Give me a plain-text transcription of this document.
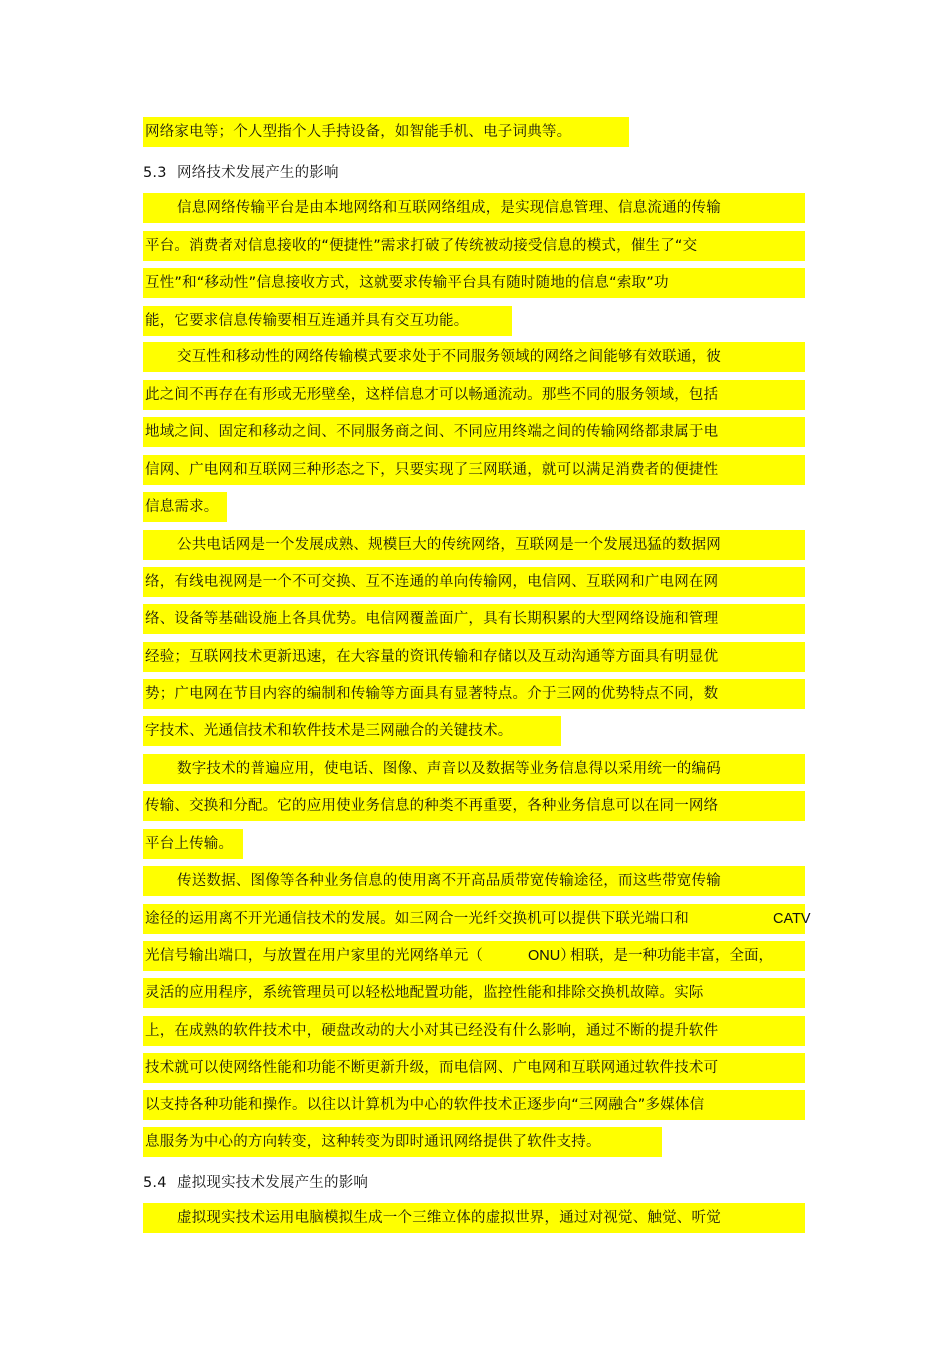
网络家电等；个人型指个人手持设备，如智能手机、电子词典等。
5.3 网络技术发展产生的影响
信息网络传输平台是由本地网络和互联网络组成，是实现信息管理、信息流通的传输
平台。消费者对信息接收的“便捷性”需求打破了传统被动接受信息的模式，催生了“交
互性”和“移动性”信息接收方式，这就要求传输平台具有随时随地的信息“索取”功
能，它要求信息传输要相互连通并具有交互功能。
交互性和移动性的网络传输模式要求处于不同服务领域的网络之间能够有效联通，彼
此之间不再存在有形或无形壁垒，这样信息才可以畅通流动。那些不同的服务领域，包括
地域之间、固定和移动之间、不同服务商之间、不同应用终端之间的传输网络都隶属于电
信网、广电网和互联网三种形态之下，只要实现了三网联通，就可以满足消费者的便捷性
信息需求。
公共电话网是一个发展成熟、规模巨大的传统网络，互联网是一个发展迅猛的数据网
络，有线电视网是一个不可交换、互不连通的单向传输网，电信网、互联网和广电网在网
络、设备等基础设施上各具优势。电信网覆盖面广，具有长期积累的大型网络设施和管理
经验；互联网技术更新迅速，在大容量的资讯传输和存储以及互动沟通等方面具有明显优
势；广电网在节目内容的编制和传输等方面具有显著特点。介于三网的优势特点不同，数
字技术、光通信技术和软件技术是三网融合的关键技术。
数字技术的普遍应用，使电话、图像、声音以及数据等业务信息得以采用统一的编码
传输、交换和分配。它的应用使业务信息的种类不再重要，各种业务信息可以在同一网络
平台上传输。
传送数据、图像等各种业务信息的使用离不开高品质带宽传输途径，而这些带宽传输
途径的运用离不开光通信技术的发展。如三网合一光纤交换机可以提供下联光端口和	CATV
光信号输出端口，与放置在用户家里的光网络单元（	ONU）
相联，是一种功能丰富，全面，
灵活的应用程序，系统管理员可以轻松地配置功能，监控性能和排除交换机故障。实际
上，在成熟的软件技术中，硬盘改动的大小对其已经没有什么影响，通过不断的提升软件
技术就可以使网络性能和功能不断更新升级，而电信网、广电网和互联网通过软件技术可
以支持各种功能和操作。以往以计算机为中心的软件技术正逐步向“三网融合”多媒体信
息服务为中心的方向转变，这种转变为即时通讯网络提供了软件支持。
5.4 虚拟现实技术发展产生的影响
虚拟现实技术运用电脑模拟生成一个三维立体的虚拟世界，通过对视觉、触觉、听觉
